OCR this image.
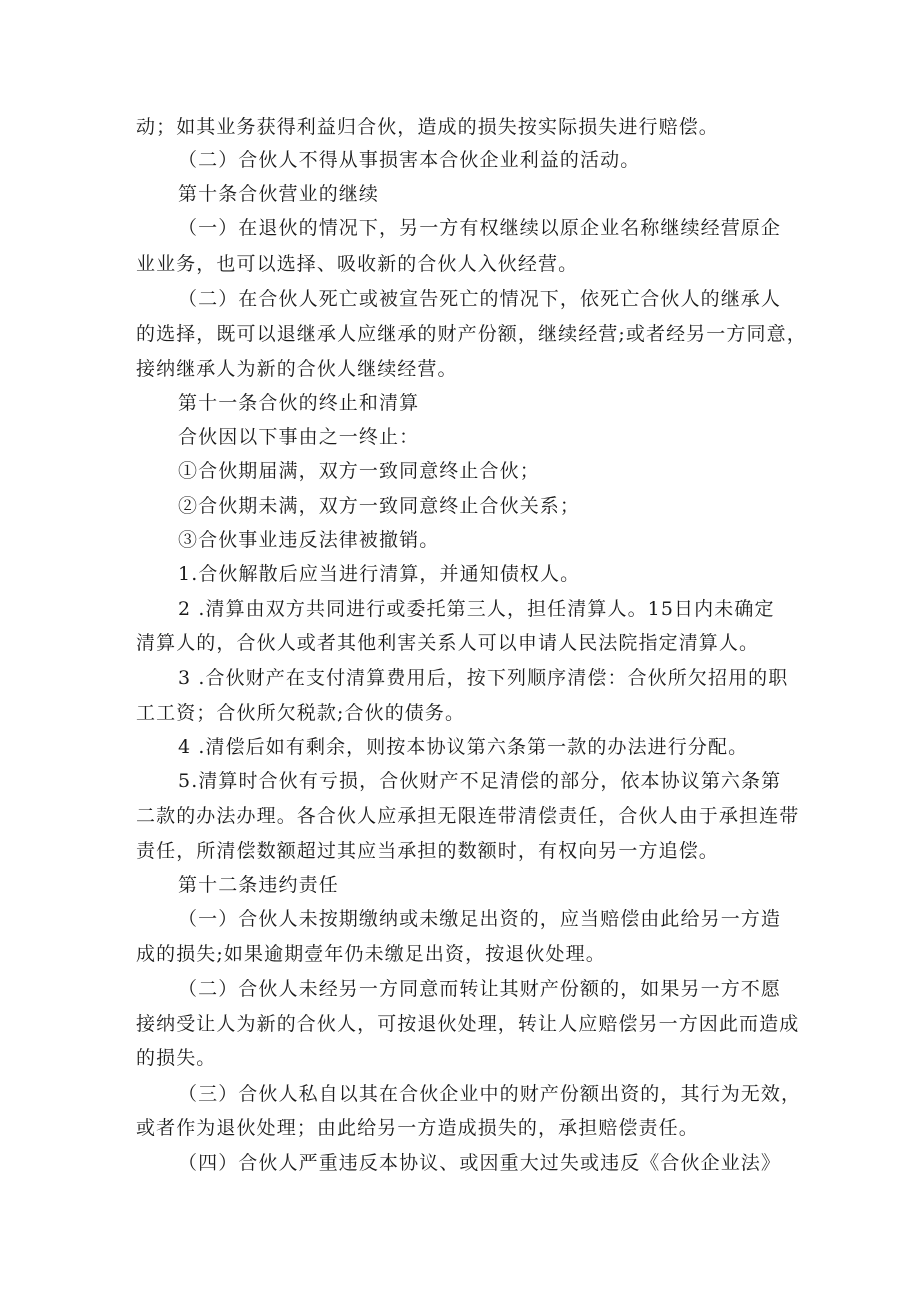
动；如其业务获得利益归合伙，造成的损失按实际损失进行赔偿。
（二）合伙人不得从事损害本合伙企业利益的活动。
第十条合伙营业的继续
（一）在退伙的情况下，另一方有权继续以原企业名称继续经营原企
业业务，也可以选择、吸收新的合伙人入伙经营。
（二）在合伙人死亡或被宣告死亡的情况下，依死亡合伙人的继承人
的选择，既可以退继承人应继承的财产份额，继续经营;或者经另一方同意，
接纳继承人为新的合伙人继续经营。
第十一条合伙的终止和清算
合伙因以下事由之一终止：
①合伙期届满，双方一致同意终止合伙；
②合伙期未满，双方一致同意终止合伙关系；
③合伙事业违反法律被撤销。
1.合伙解散后应当进行清算，并通知债权人。
2 .清算由双方共同进行或委托第三人，担任清算人。15日内未确定
清算人的，合伙人或者其他利害关系人可以申请人民法院指定清算人。
3 .合伙财产在支付清算费用后，按下列顺序清偿：合伙所欠招用的职
工工资；合伙所欠税款;合伙的债务。
4 .清偿后如有剩余，则按本协议第六条第一款的办法进行分配。
5.清算时合伙有亏损，合伙财产不足清偿的部分，依本协议第六条第
二款的办法办理。各合伙人应承担无限连带清偿责任，合伙人由于承担连带
责任，所清偿数额超过其应当承担的数额时，有权向另一方追偿。
第十二条违约责任
（一）合伙人未按期缴纳或未缴足出资的，应当赔偿由此给另一方造
成的损失;如果逾期壹年仍未缴足出资，按退伙处理。
（二）合伙人未经另一方同意而转让其财产份额的，如果另一方不愿
接纳受让人为新的合伙人，可按退伙处理，转让人应赔偿另一方因此而造成
的损失。
（三）合伙人私自以其在合伙企业中的财产份额出资的，其行为无效，
或者作为退伙处理；由此给另一方造成损失的，承担赔偿责任。
（四）合伙人严重违反本协议、或因重大过失或违反《合伙企业法》
